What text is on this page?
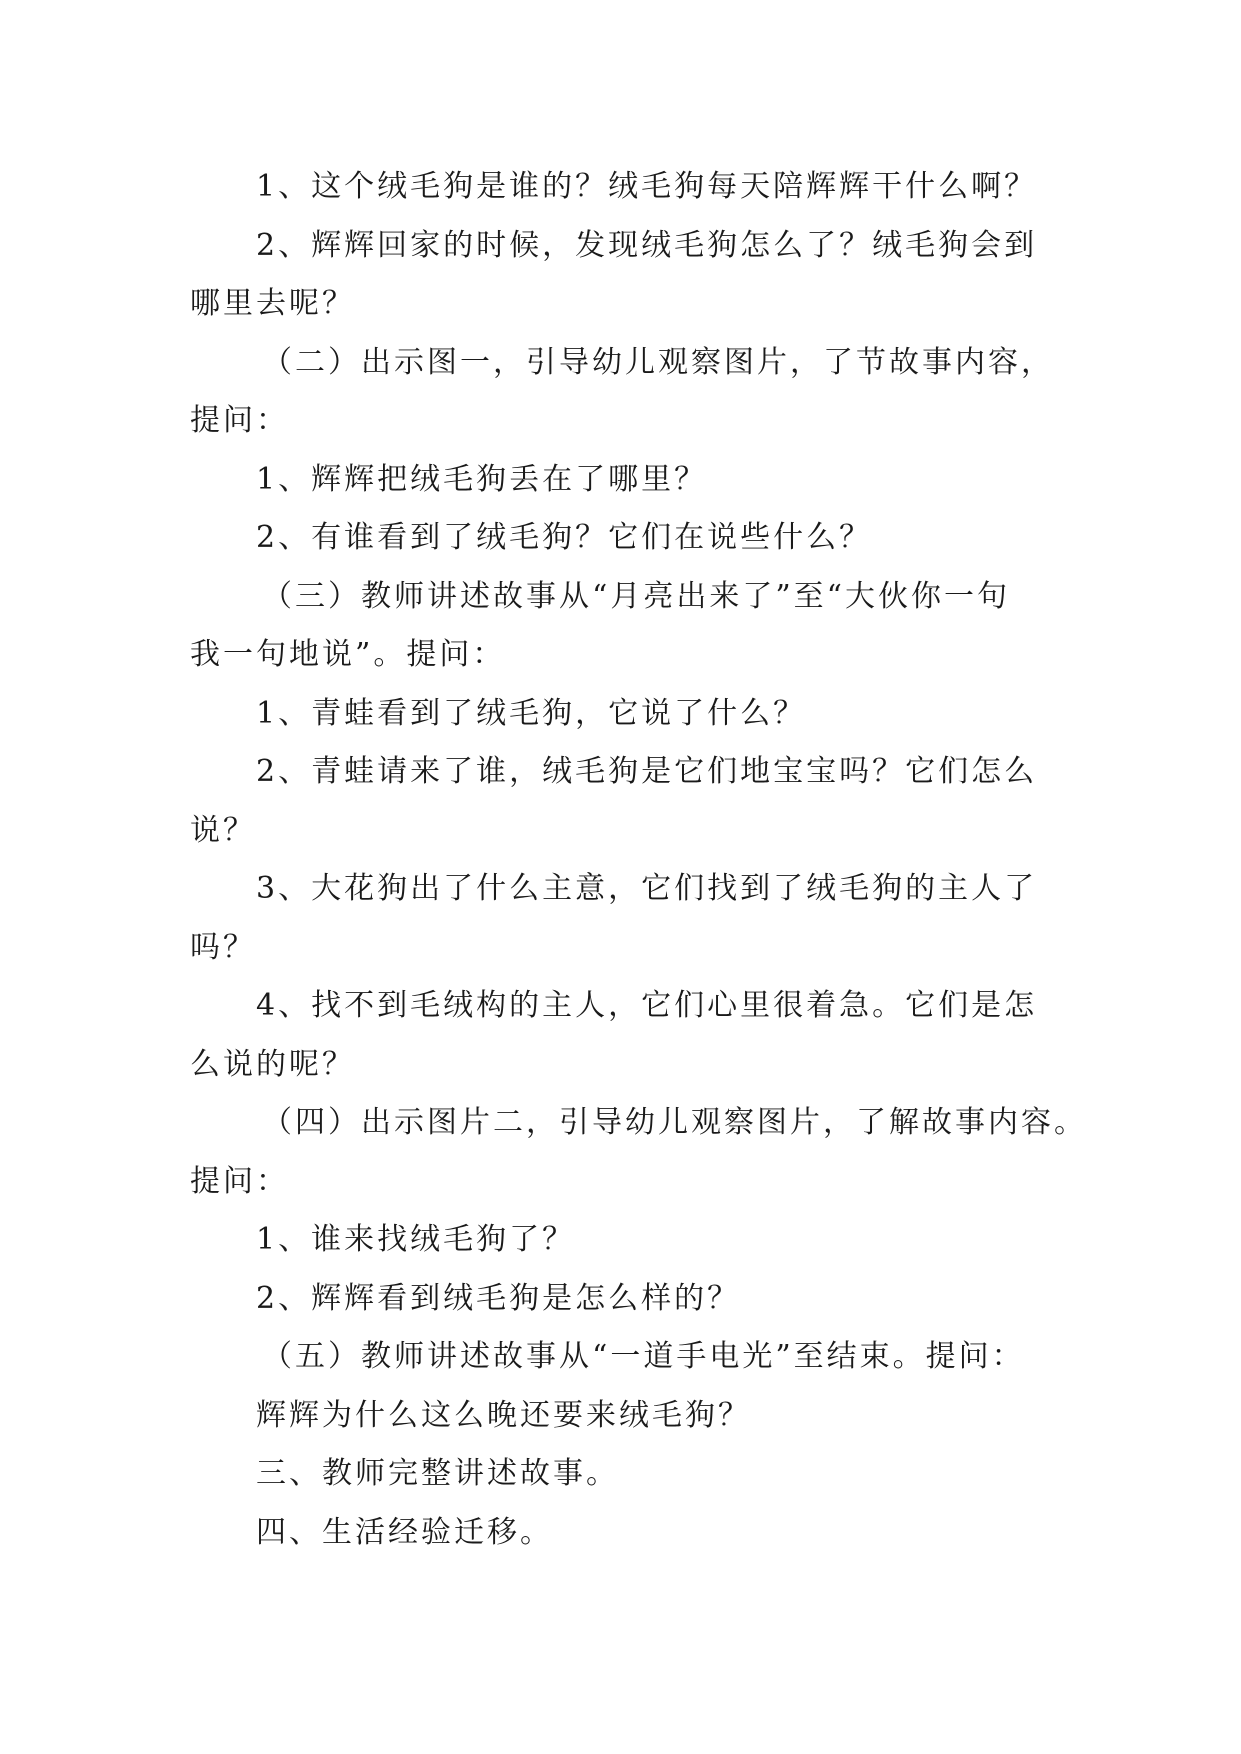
1、这个绒毛狗是谁的？绒毛狗每天陪辉辉干什么啊？

2、辉辉回家的时候，发现绒毛狗怎么了？绒毛狗会到

哪里去呢？

（二）出示图一，引导幼儿观察图片，了节故事内容，

提问：

1、辉辉把绒毛狗丢在了哪里？

2、有谁看到了绒毛狗？它们在说些什么？

（三）教师讲述故事从“月亮出来了”至“大伙你一句

我一句地说”。提问：

1、青蛙看到了绒毛狗，它说了什么？

2、青蛙请来了谁，绒毛狗是它们地宝宝吗？它们怎么

说？

3、大花狗出了什么主意，它们找到了绒毛狗的主人了

吗？

4、找不到毛绒构的主人，它们心里很着急。它们是怎

么说的呢？

（四）出示图片二，引导幼儿观察图片，了解故事内容。

提问：

1、谁来找绒毛狗了？

2、辉辉看到绒毛狗是怎么样的？

（五）教师讲述故事从“一道手电光”至结束。提问：

辉辉为什么这么晚还要来绒毛狗？

三、教师完整讲述故事。

四、生活经验迁移。
